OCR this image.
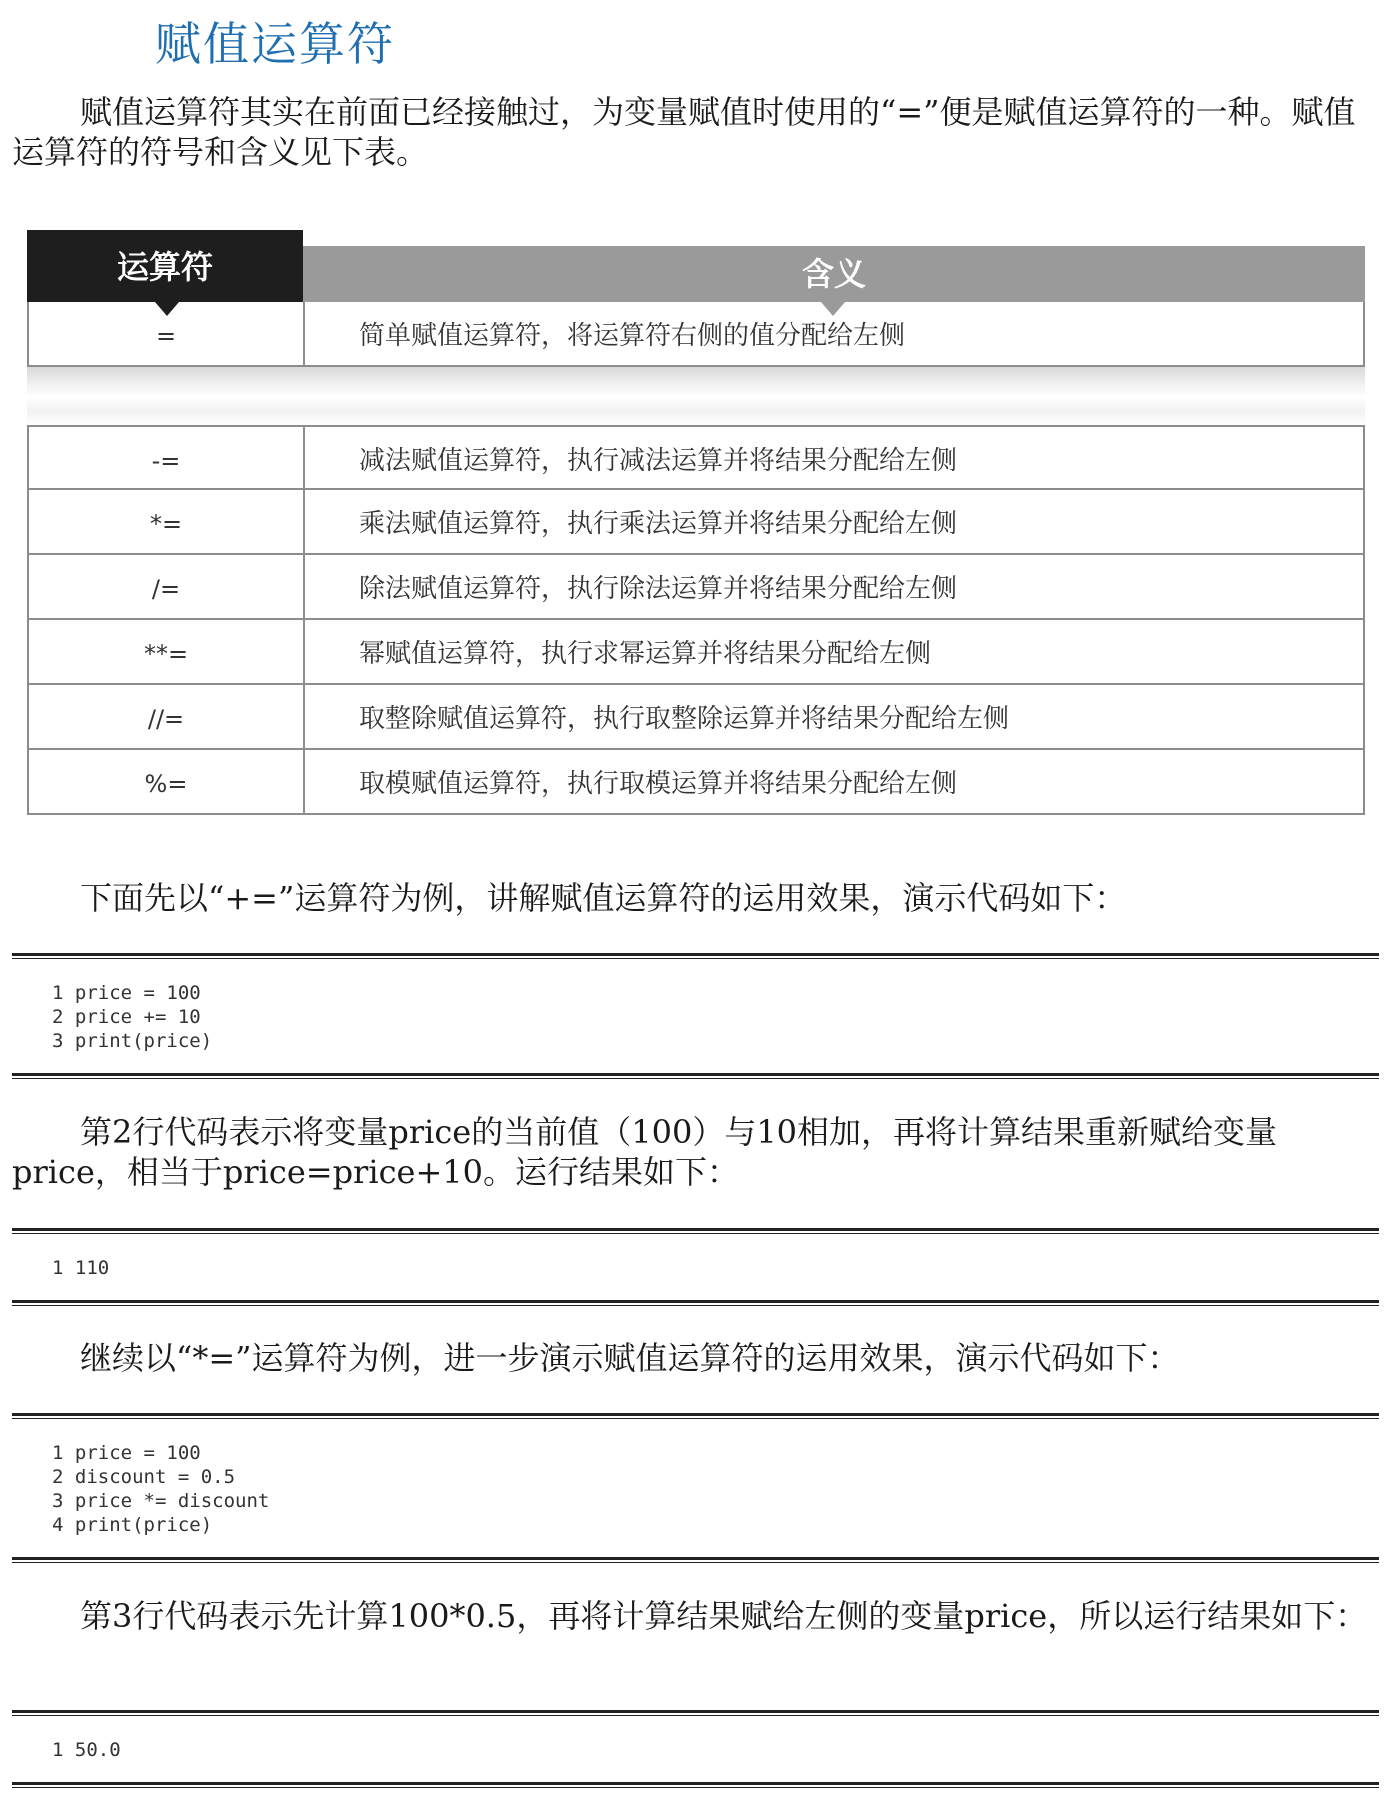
赋值运算符
赋值运算符其实在前面已经接触过，为变量赋值时使用的“=”便是赋值运算符的一种。赋值运算符的符号和含义见下表。
运算符	含义
=	简单赋值运算符，将运算符右侧的值分配给左侧
-=	减法赋值运算符，执行减法运算并将结果分配给左侧
*=	乘法赋值运算符，执行乘法运算并将结果分配给左侧
/=	除法赋值运算符，执行除法运算并将结果分配给左侧
**=	幂赋值运算符，执行求幂运算并将结果分配给左侧
//=	取整除赋值运算符，执行取整除运算并将结果分配给左侧
%=	取模赋值运算符，执行取模运算并将结果分配给左侧
下面先以“+=”运算符为例，讲解赋值运算符的运用效果，演示代码如下：
1 price = 100
2 price += 10
3 print(price)
第2行代码表示将变量price的当前值（100）与10相加，再将计算结果重新赋给变量price，相当于price=price+10。运行结果如下：
1 110
继续以“*=”运算符为例，进一步演示赋值运算符的运用效果，演示代码如下：
1 price = 100
2 discount = 0.5
3 price *= discount
4 print(price)
第3行代码表示先计算100*0.5，再将计算结果赋给左侧的变量price，所以运行结果如下：
1 50.0
